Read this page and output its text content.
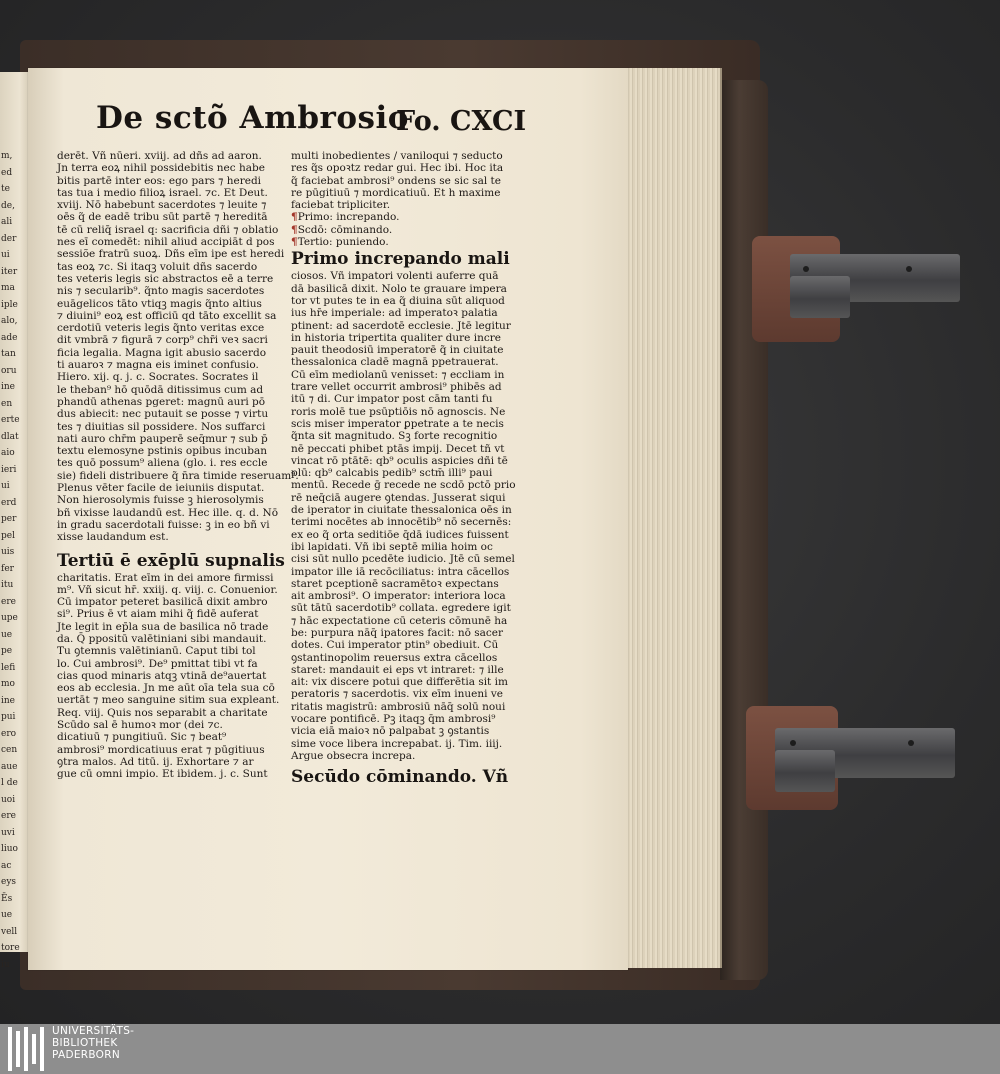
m,
ed
te
de,
ali
der
ui
iter
ma
iple
alo,
ade
tan
oru
ine
en
erte
dlat
aio
ieri
ui
erd
per
pel
uis
fer
itu
ere
upe
ue
pe
lefi
mo
ine
pui
ero
cen
aue
l de
uoi
ere
uvi
liuo
ac
eys
Ēs
ue
vell
tore
iu
De sctõ Ambrosio
Fo. CXCI
derēt. Vñ nūeri. xviij. ad dñs ad aaron.
Jn terra eoꝝ nihil possidebitis nec habe
bitis partē inter eos: ego pars ⁊ heredi
tas tua i medio filioꝝ israel. ⁊c. Et Deut.
xviij. Nō habebunt sacerdotes ⁊ leuite ⁊
oēs q̃ de eadē tribu sūt partē ⁊ hereditā
tē cū reliq̄ israel q: sacrificia dñi ⁊ oblatio
nes eī comedēt: nihil aliud accipiāt d pos
sessiõe fratrū suoꝝ. Dñs eīm ipe est heredi
tas eoꝝ ⁊c. Si itaqꝫ voluit dñs sacerdo
tes veteris legis sic abstractos eē a terre
nis ⁊ secularib⁹. q̃nto magis sacerdotes
euāgelicos tāto vtiqꝫ magis q̃nto altius
⁊ diuini⁹ eoꝝ est officiū qd tāto excellit sa
cerdotiū veteris legis q̃nto veritas exce
dit vmbrā ⁊ figurā ⁊ corp⁹ chr̄i veꝛ sacri
ficia legalia. Magna igit abusio sacerdo
ti auaroꝛ ⁊ magna eis iminet confusio.
Hiero. xij. q. j. c. Socrates. Socrates il
le theban⁹ hō quōdā ditissimus cum ad
phandū athenas pgeret: magnū auri pō
dus abiecit: nec putauit se posse ⁊ virtu
tes ⁊ diuitias sil possidere. Nos suffarci
nati auro chr̄m pauperē seq̄mur ⁊ sub p̄
textu elemosyne pstinis opibus incuban
tes quō possum⁹ aliena (glo. i. res eccle
sie) fideli distribuere q̃ n̄ra timide reseruam⁹.
Plenus vēter facile de ieiuniis disputat.
Non hierosolymis fuisse ꝫ hierosolymis
bñ vixisse laudandū est. Hec ille. q. d. Nō
in gradu sacerdotali fuisse: ꝫ in eo bñ vi
xisse laudandum est.
Tertiū ē exēplū supnalis
charitatis. Erat eīm in dei amore firmissi
m⁹. Vñ sicut hr̄. xxiij. q. viij. c. Conuenior.
Cū impator peteret basilicā dixit ambro
si⁹. Prius ē vt aiam mihi q̃ fidē auferat
Jte legit in ep̄la sua de basilica nō trade
da. Q̄ ppositū valētiniani sibi mandauit.
Tu ꝯtemnis valētinianū. Caput tibi tol
lo. Cui ambrosi⁹. De⁹ pmittat tibi vt fa
cias quod minaris atqꝫ vtinā de⁹auertat
eos ab ecclesia. Jn me aūt oīa tela sua cō
uertāt ⁊ meo sanguine sitim sua expleant.
Req. viij. Quis nos separabit a charitate
Scūdo sal ē humoꝛ mor (dei ⁊c.
dicatiuū ⁊ pungitiuū. Sic ⁊ beat⁹
ambrosi⁹ mordicatiuus erat ⁊ pūgitiuus
ꝯtra malos. Ad titū. ij. Exhortare ⁊ ar
gue cū omni impio. Et ibidem. j. c. Sunt
multi inobedientes / vaniloqui ⁊ seducto
res q̃s opoꝛtz redar gui. Hec ibi. Hoc ita
q̃ faciebat ambrosi⁹ ondens se sic sal te
re pūgitiuū ⁊ mordicatiuū. Et h maxime
faciebat tripliciter.
¶Primo: increpando.
¶Scdō: cōminando.
¶Tertio: puniendo.
Primo increpando mali
ciosos. Vñ impatori volenti auferre quā
dā basilicā dixit. Nolo te grauare impera
tor vt putes te in ea q̃ diuina sūt aliquod
ius hr̄e imperiale: ad imperatoꝛ palatia
ptinent: ad sacerdotē ecclesie. Jtē legitur
in historia tripertita qualiter dure incre
pauit theodosiū imperatorē q̃ in ciuitate
thessalonica cladē magnā ppetrauerat.
Cū eīm mediolanū venisset: ⁊ eccliam in
trare vellet occurrit ambrosi⁹ phibēs ad
itū ⁊ di. Cur impator post cām tanti fu
roris molē tue psūptiōis nō agnoscis. Ne
scis miser imperator ꝑpetrate a te necis
q̃nta sit magnitudo. Sꝫ forte recognitio
nē peccati phibet ptās impij. Decet tñ vt
vincat rō ptātē: qb⁹ oculis aspicies dñi tē
plū: qb⁹ calcabis pedib⁹ sctm̄ illi⁹ paui
mentū. Recede ḡ recede ne scdō pctō prio
rē neq̄ciā augere ꝯtendas. Jusserat siqui
de iperator in ciuitate thessalonica oēs in
terimi nocētes ab innocētib⁹ nō secernēs:
ex eo q̃ orta seditiōe q̄dā iudices fuissent
ibi lapidati. Vñ ibi septē milia hoim oc
cisi sūt nullo pcedēte iudicio. Jtē cū semel
impator ille iā recōciliatus: intra cācellos
staret pceptionē sacramētoꝛ expectans
ait ambrosi⁹. O imperator: interiora loca
sūt tātū sacerdotib⁹ collata. egredere igit
⁊ hāc expectatione cū ceteris cōmunē ha
be: purpura nāq̄ ipatores facit: nō sacer
dotes. Cui imperator ptin⁹ obediuit. Cū
ꝯstantinopolim reuersus extra cācellos
staret: mandauit ei eps vt intraret: ⁊ ille
ait: vix discere potui que differētia sit im
peratoris ⁊ sacerdotis. vix eīm inueni ve
ritatis magistrū: ambrosiū nāq̄ solū noui
vocare pontificē. Pꝫ itaqꝫ q̄m ambrosi⁹
vicia eiā maioꝛ nō palpabat ꝫ ꝯstantis
sime voce libera increpabat. ij. Tim. iiij.
Argue obsecra increpa.
Secūdo cōminando. Vñ
UNIVERSITÄTS-
BIBLIOTHEK
PADERBORN
